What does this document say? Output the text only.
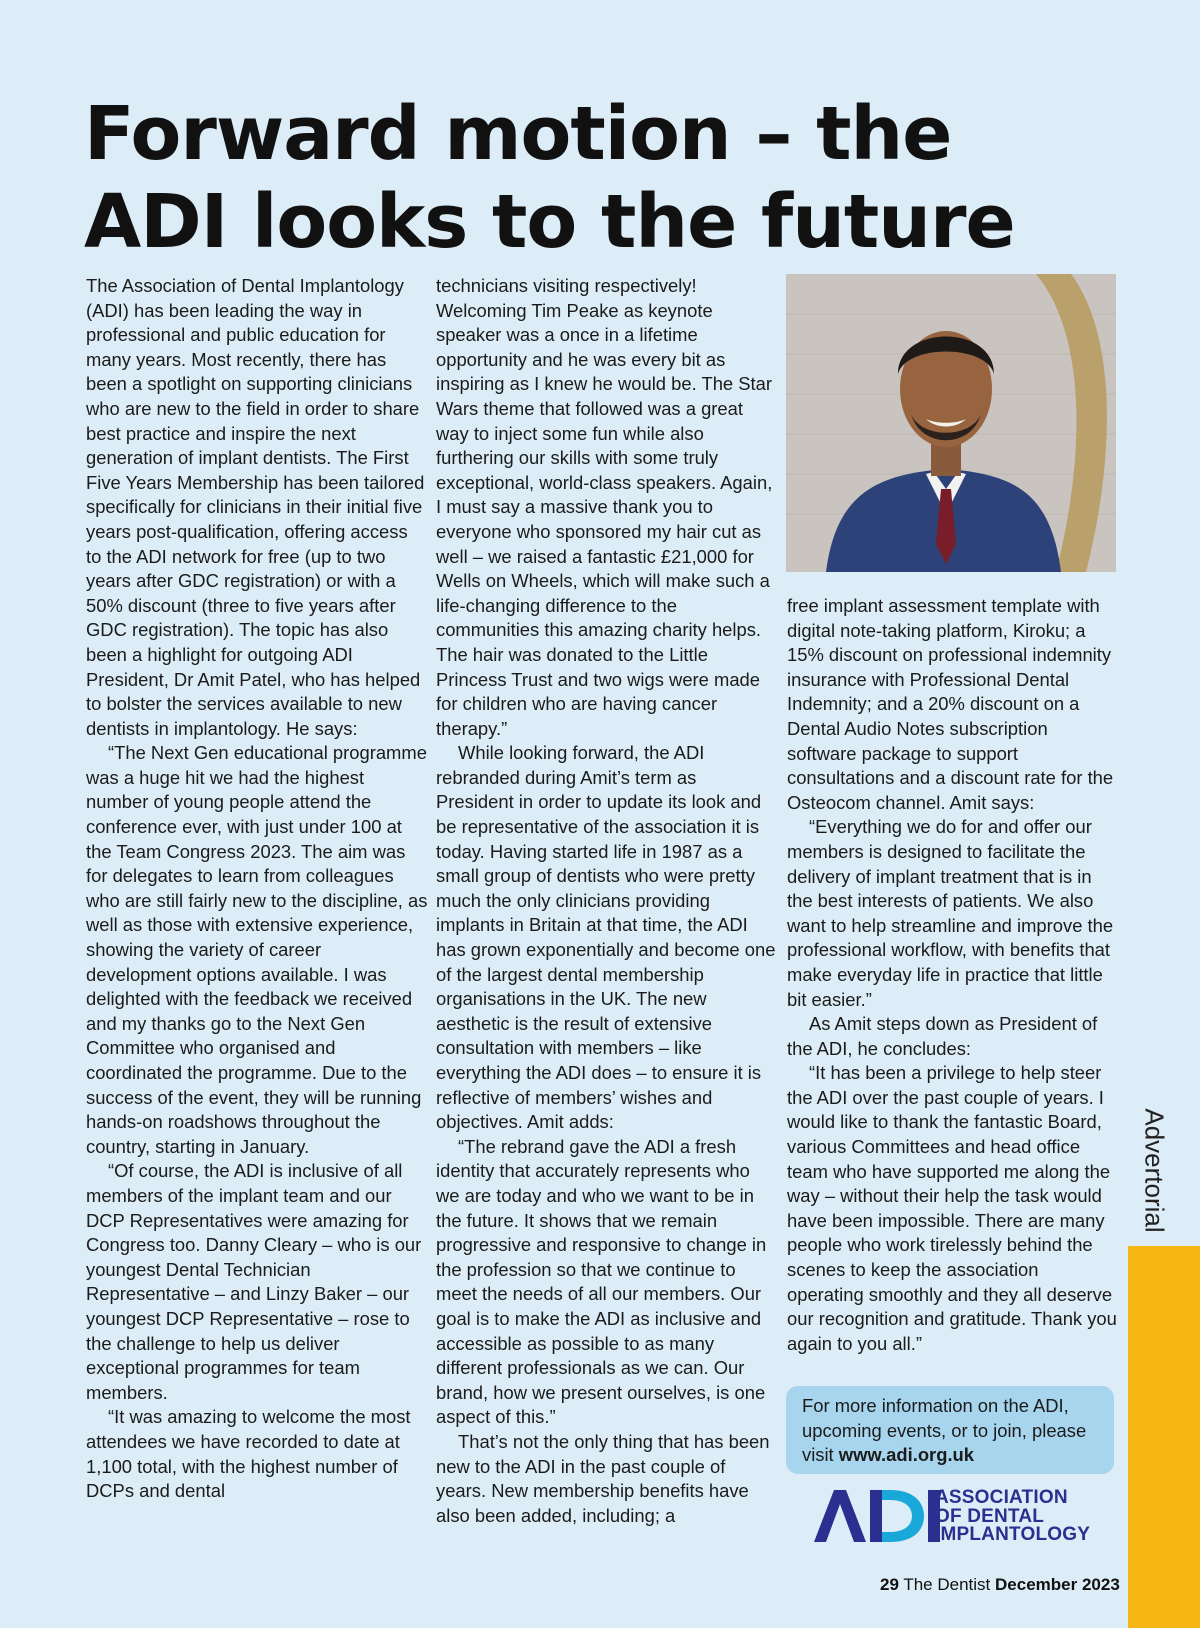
Forward motion – the ADI looks to the future

The Association of Dental Implantology (ADI) has been leading the way in professional and public education for many years. Most recently, there has been a spotlight on supporting clinicians who are new to the field in order to share best practice and inspire the next generation of implant dentists. The First Five Years Membership has been tailored specifically for clinicians in their initial five years post-qualification, offering access to the ADI network for free (up to two years after GDC registration) or with a 50% discount (three to five years after GDC registration). The topic has also been a highlight for outgoing ADI President, Dr Amit Patel, who has helped to bolster the services available to new dentists in implantology. He says:

“The Next Gen educational programme was a huge hit we had the highest number of young people attend the conference ever, with just under 100 at the Team Congress 2023. The aim was for delegates to learn from colleagues who are still fairly new to the discipline, as well as those with extensive experience, showing the variety of career development options available. I was delighted with the feedback we received and my thanks go to the Next Gen Committee who organised and coordinated the programme. Due to the success of the event, they will be running hands-on roadshows throughout the country, starting in January.

“Of course, the ADI is inclusive of all members of the implant team and our DCP Representatives were amazing for Congress too. Danny Cleary – who is our youngest Dental Technician Representative – and Linzy Baker – our youngest DCP Representative – rose to the challenge to help us deliver exceptional programmes for team members.

“It was amazing to welcome the most attendees we have recorded to date at 1,100 total, with the highest number of DCPs and dental

technicians visiting respectively! Welcoming Tim Peake as keynote speaker was a once in a lifetime opportunity and he was every bit as inspiring as I knew he would be. The Star Wars theme that followed was a great way to inject some fun while also furthering our skills with some truly exceptional, world-class speakers. Again, I must say a massive thank you to everyone who sponsored my hair cut as well – we raised a fantastic £21,000 for Wells on Wheels, which will make such a life-changing difference to the communities this amazing charity helps. The hair was donated to the Little Princess Trust and two wigs were made for children who are having cancer therapy.”

While looking forward, the ADI rebranded during Amit’s term as President in order to update its look and be representative of the association it is today. Having started life in 1987 as a small group of dentists who were pretty much the only clinicians providing implants in Britain at that time, the ADI has grown exponentially and become one of the largest dental membership organisations in the UK. The new aesthetic is the result of extensive consultation with members – like everything the ADI does – to ensure it is reflective of members’ wishes and objectives. Amit adds:

“The rebrand gave the ADI a fresh identity that accurately represents who we are today and who we want to be in the future. It shows that we remain progressive and responsive to change in the profession so that we continue to meet the needs of all our members. Our goal is to make the ADI as inclusive and accessible as possible to as many different professionals as we can. Our brand, how we present ourselves, is one aspect of this.”

That’s not the only thing that has been new to the ADI in the past couple of years. New membership benefits have also been added, including; a

free implant assessment template with digital note-taking platform, Kiroku; a 15% discount on professional indemnity insurance with Professional Dental Indemnity; and a 20% discount on a Dental Audio Notes subscription software package to support consultations and a discount rate for the Osteocom channel. Amit says:

“Everything we do for and offer our members is designed to facilitate the delivery of implant treatment that is in the best interests of patients. We also want to help streamline and improve the professional workflow, with benefits that make everyday life in practice that little bit easier.”

As Amit steps down as President of the ADI, he concludes:

“It has been a privilege to help steer the ADI over the past couple of years. I would like to thank the fantastic Board, various Committees and head office team who have supported me along the way – without their help the task would have been impossible. There are many people who work tirelessly behind the scenes to keep the association operating smoothly and they all deserve our recognition and gratitude. Thank you again to you all.”

For more information on the ADI, upcoming events, or to join, please visit www.adi.org.uk
ASSOCIATION
OF DENTAL
IMPLANTOLOGY
Advertorial
29 The Dentist December 2023
